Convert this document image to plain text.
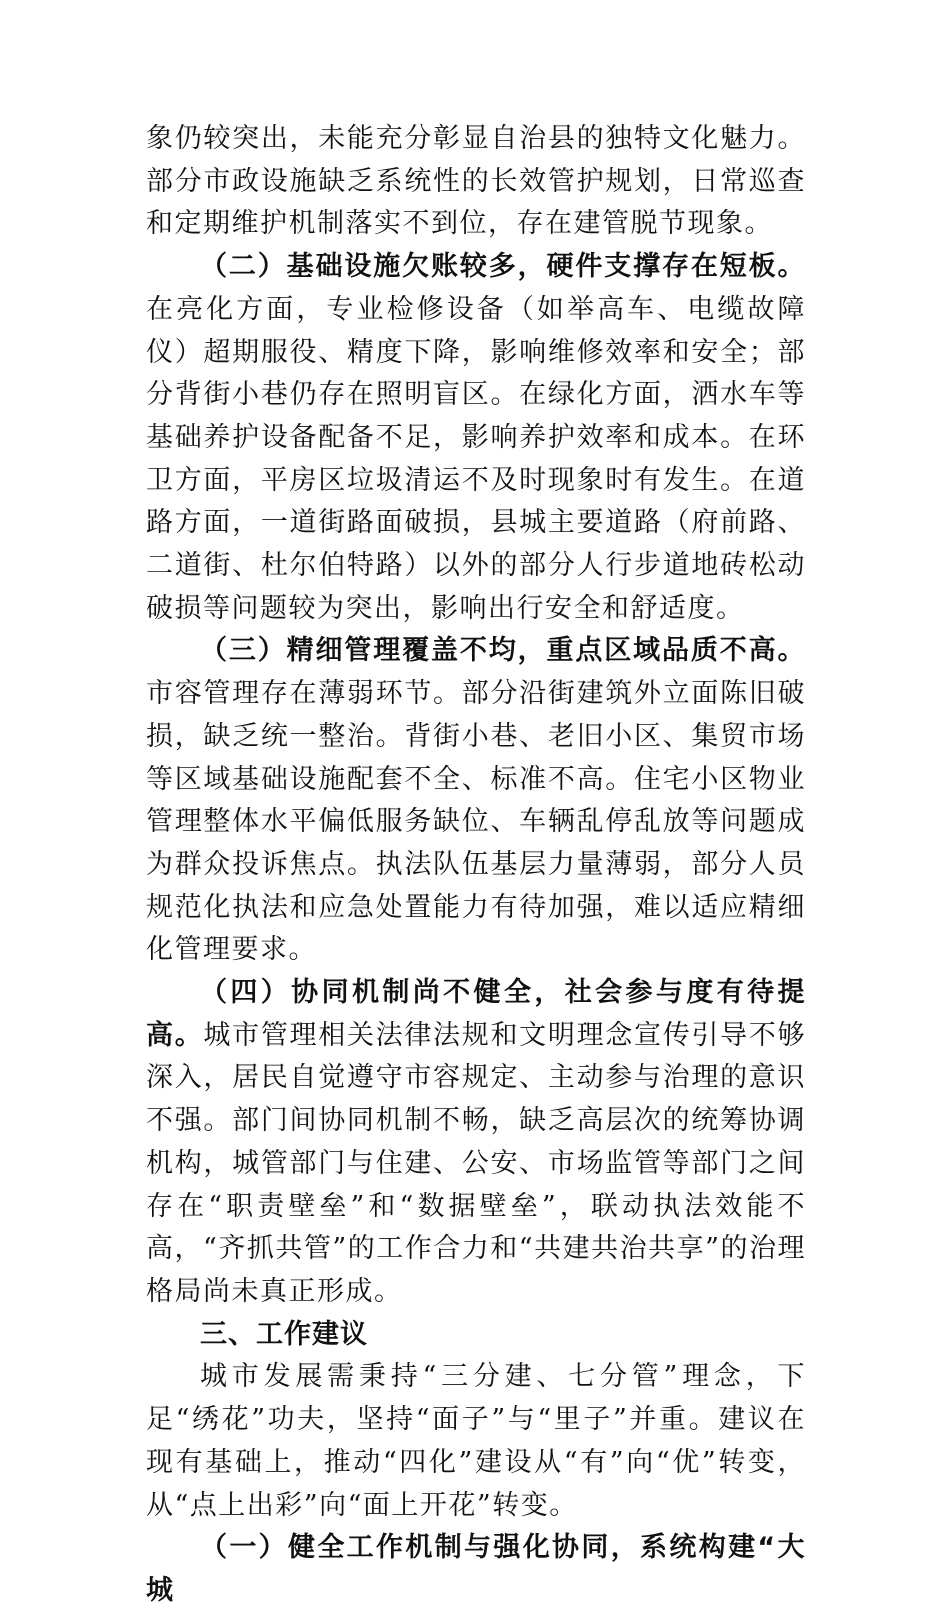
象仍较突出，未能充分彰显自治县的独特文化魅力。部分市政设施缺乏系统性的长效管护规划，日常巡查和定期维护机制落实不到位，存在建管脱节现象。

（二）基础设施欠账较多，硬件支撑存在短板。在亮化方面，专业检修设备（如举高车、电缆故障仪）超期服役、精度下降，影响维修效率和安全；部分背街小巷仍存在照明盲区。在绿化方面，洒水车等基础养护设备配备不足，影响养护效率和成本。在环卫方面，平房区垃圾清运不及时现象时有发生。在道路方面，一道街路面破损，县城主要道路（府前路、二道街、杜尔伯特路）以外的部分人行步道地砖松动破损等问题较为突出，影响出行安全和舒适度。

（三）精细管理覆盖不均，重点区域品质不高。市容管理存在薄弱环节。部分沿街建筑外立面陈旧破损，缺乏统一整治。背街小巷、老旧小区、集贸市场等区域基础设施配套不全、标准不高。住宅小区物业管理整体水平偏低服务缺位、车辆乱停乱放等问题成为群众投诉焦点。执法队伍基层力量薄弱，部分人员规范化执法和应急处置能力有待加强，难以适应精细化管理要求。

（四）协同机制尚不健全，社会参与度有待提高。城市管理相关法律法规和文明理念宣传引导不够深入，居民自觉遵守市容规定、主动参与治理的意识不强。部门间协同机制不畅，缺乏高层次的统筹协调机构，城管部门与住建、公安、市场监管等部门之间存在“职责壁垒”和“数据壁垒”，联动执法效能不高，“齐抓共管”的工作合力和“共建共治共享”的治理格局尚未真正形成。

三、工作建议

城市发展需秉持“三分建、七分管”理念，下足“绣花”功夫，坚持“面子”与“里子”并重。建议在现有基础上，推动“四化”建设从“有”向“优”转变，从“点上出彩”向“面上开花”转变。

（一）健全工作机制与强化协同，系统构建“大城
